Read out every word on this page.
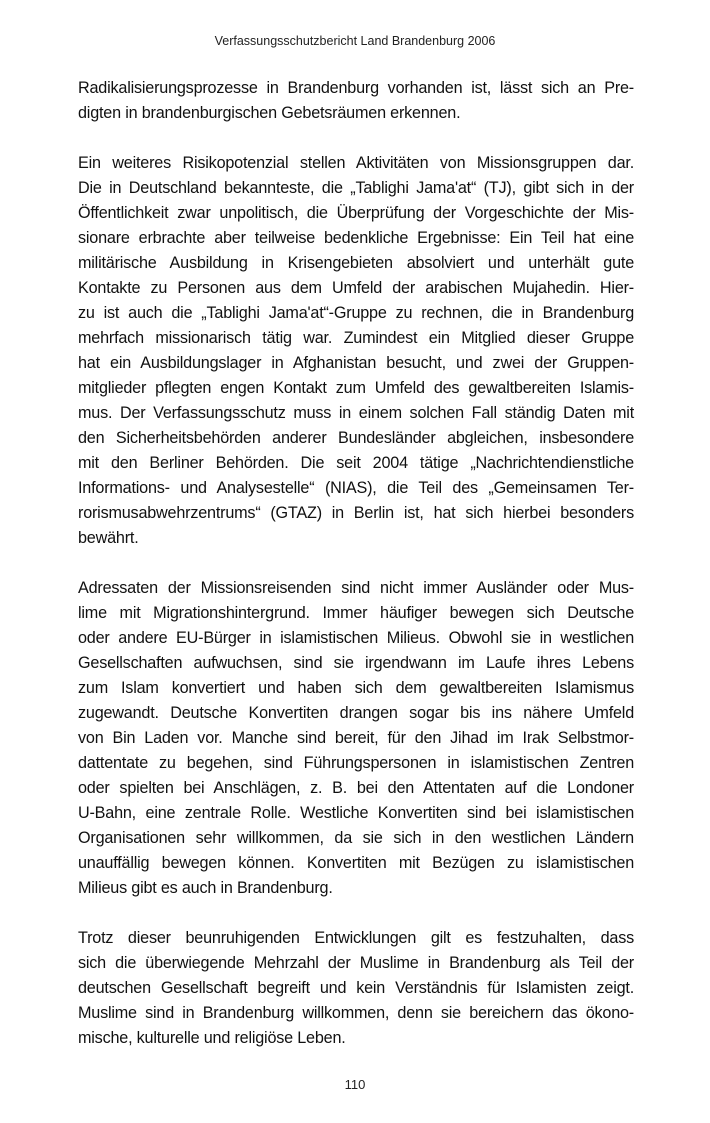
Verfassungsschutzbericht Land Brandenburg 2006

Radikalisierungsprozesse in Brandenburg vorhanden ist, lässt sich an Pre-
digten in brandenburgischen Gebetsräumen erkennen.

Ein weiteres Risikopotenzial stellen Aktivitäten von Missionsgruppen dar.
Die in Deutschland bekannteste, die „Tablighi Jama'at“ (TJ), gibt sich in der
Öffentlichkeit zwar unpolitisch, die Überprüfung der Vorgeschichte der Mis-
sionare erbrachte aber teilweise bedenkliche Ergebnisse: Ein Teil hat eine
militärische Ausbildung in Krisengebieten absolviert und unterhält gute
Kontakte zu Personen aus dem Umfeld der arabischen Mujahedin. Hier-
zu ist auch die „Tablighi Jama'at“-Gruppe zu rechnen, die in Brandenburg
mehrfach missionarisch tätig war. Zumindest ein Mitglied dieser Gruppe
hat ein Ausbildungslager in Afghanistan besucht, und zwei der Gruppen-
mitglieder pflegten engen Kontakt zum Umfeld des gewaltbereiten Islamis-
mus. Der Verfassungsschutz muss in einem solchen Fall ständig Daten mit
den Sicherheitsbehörden anderer Bundesländer abgleichen, insbesondere
mit den Berliner Behörden. Die seit 2004 tätige „Nachrichtendienstliche
Informations- und Analysestelle“ (NIAS), die Teil des „Gemeinsamen Ter-
rorismusabwehrzentrums“ (GTAZ) in Berlin ist, hat sich hierbei besonders
bewährt.

Adressaten der Missionsreisenden sind nicht immer Ausländer oder Mus-
lime mit Migrationshintergrund. Immer häufiger bewegen sich Deutsche
oder andere EU-Bürger in islamistischen Milieus. Obwohl sie in westlichen
Gesellschaften aufwuchsen, sind sie irgendwann im Laufe ihres Lebens
zum Islam konvertiert und haben sich dem gewaltbereiten Islamismus
zugewandt. Deutsche Konvertiten drangen sogar bis ins nähere Umfeld
von Bin Laden vor. Manche sind bereit, für den Jihad im Irak Selbstmor-
dattentate zu begehen, sind Führungspersonen in islamistischen Zentren
oder spielten bei Anschlägen, z. B. bei den Attentaten auf die Londoner
U-Bahn, eine zentrale Rolle. Westliche Konvertiten sind bei islamistischen
Organisationen sehr willkommen, da sie sich in den westlichen Ländern
unauffällig bewegen können. Konvertiten mit Bezügen zu islamistischen
Milieus gibt es auch in Brandenburg.

Trotz dieser beunruhigenden Entwicklungen gilt es festzuhalten, dass
sich die überwiegende Mehrzahl der Muslime in Brandenburg als Teil der
deutschen Gesellschaft begreift und kein Verständnis für Islamisten zeigt.
Muslime sind in Brandenburg willkommen, denn sie bereichern das ökono-
mische, kulturelle und religiöse Leben.

110
